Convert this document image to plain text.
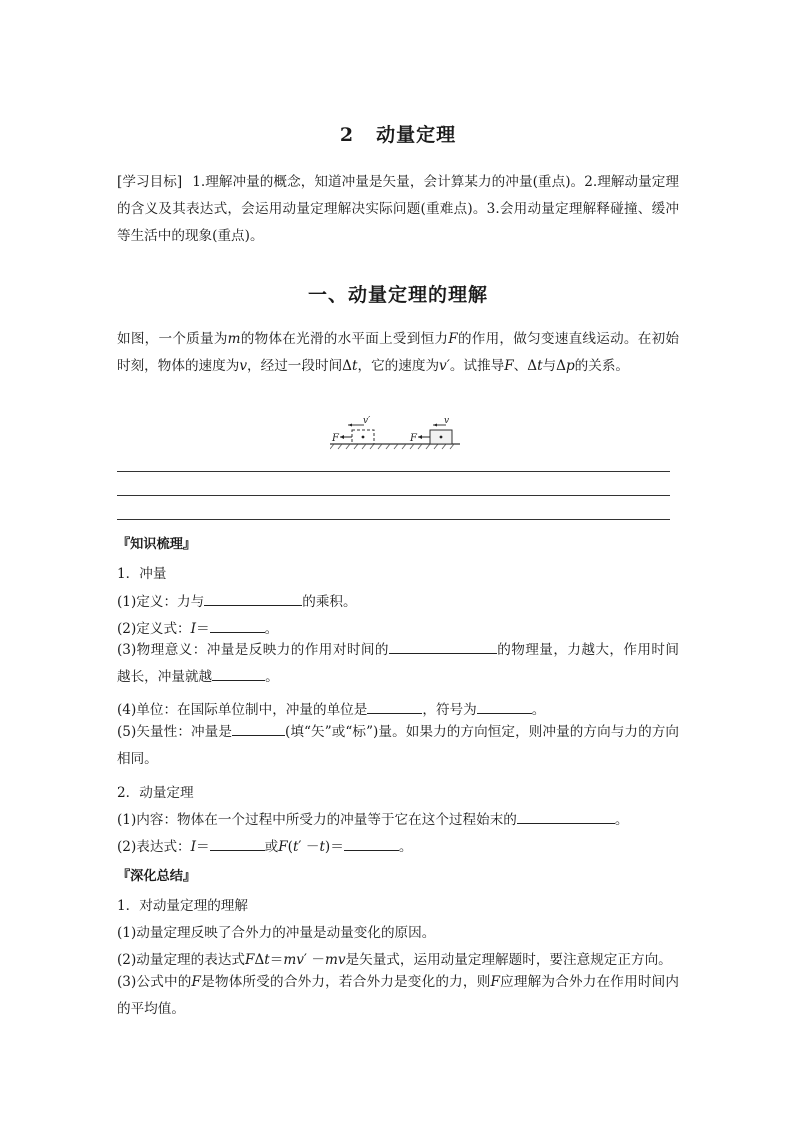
2 动量定理
[学习目标] 1.理解冲量的概念，知道冲量是矢量，会计算某力的冲量(重点)。2.理解动量定理的含义及其表达式，会运用动量定理解决实际问题(重难点)。3.会用动量定理解释碰撞、缓冲等生活中的现象(重点)。
一、动量定理的理解
如图，一个质量为m的物体在光滑的水平面上受到恒力F的作用，做匀变速直线运动。在初始时刻，物体的速度为v，经过一段时间Δt，它的速度为v′。试推导F、Δt与Δp的关系。
F
v′
F
v
『知识梳理』
1．冲量
(1)定义：力与	的乘积。
(2)定义式：I＝	。
(3)物理意义：冲量是反映力的作用对时间的	的物理量，力越大，作用时间越长，冲量就越	。
(4)单位：在国际单位制中，冲量的单位是	，符号为	。
(5)矢量性：冲量是	(填“矢”或“标”)量。如果力的方向恒定，则冲量的方向与力的方向相同。
2．动量定理
(1)内容：物体在一个过程中所受力的冲量等于它在这个过程始末的	。
(2)表达式：I＝	或F(t′ －t)＝	。
『深化总结』
1．对动量定理的理解
(1)动量定理反映了合外力的冲量是动量变化的原因。
(2)动量定理的表达式FΔt＝mv′ －mv是矢量式，运用动量定理解题时，要注意规定正方向。
(3)公式中的F是物体所受的合外力，若合外力是变化的力，则F应理解为合外力在作用时间内的平均值。
